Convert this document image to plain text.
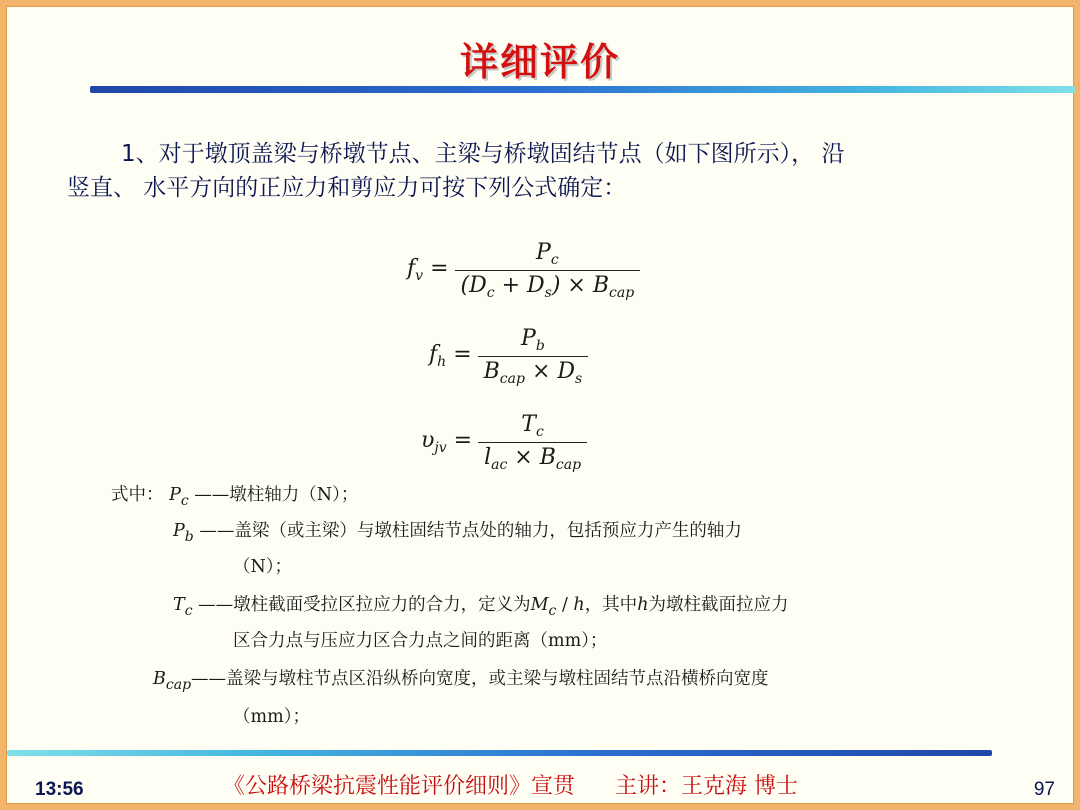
详细评价
1、对于墩顶盖梁与桥墩节点、主梁与桥墩固结节点（如下图所示）， 沿
竖直、 水平方向的正应力和剪应力可按下列公式确定：
$f_v = \frac{P_c}{(D_c + D_s) \times B_{cap}}$
$f_h = \frac{P_b}{B_{cap} \times D_s}$
$\upsilon_{jv} = \frac{T_c}{l_{ac} \times B_{cap}}$
式中： $P_c$ ——墩柱轴力（N）；
$P_b$ ——盖梁（或主梁）与墩柱固结节点处的轴力，包括预应力产生的轴力
（N）；
$T_c$ ——墩柱截面受拉区拉应力的合力，定义为$M_c$ / h，其中h为墩柱截面拉应力
区合力点与压应力区合力点之间的距离（mm）；
$B_{cap}——$盖梁与墩柱节点区沿纵桥向宽度，或主梁与墩柱固结节点沿横桥向宽度
（mm）；
13:56	《公路桥梁抗震性能评价细则》宣贯 主讲：王克海 博士	97
